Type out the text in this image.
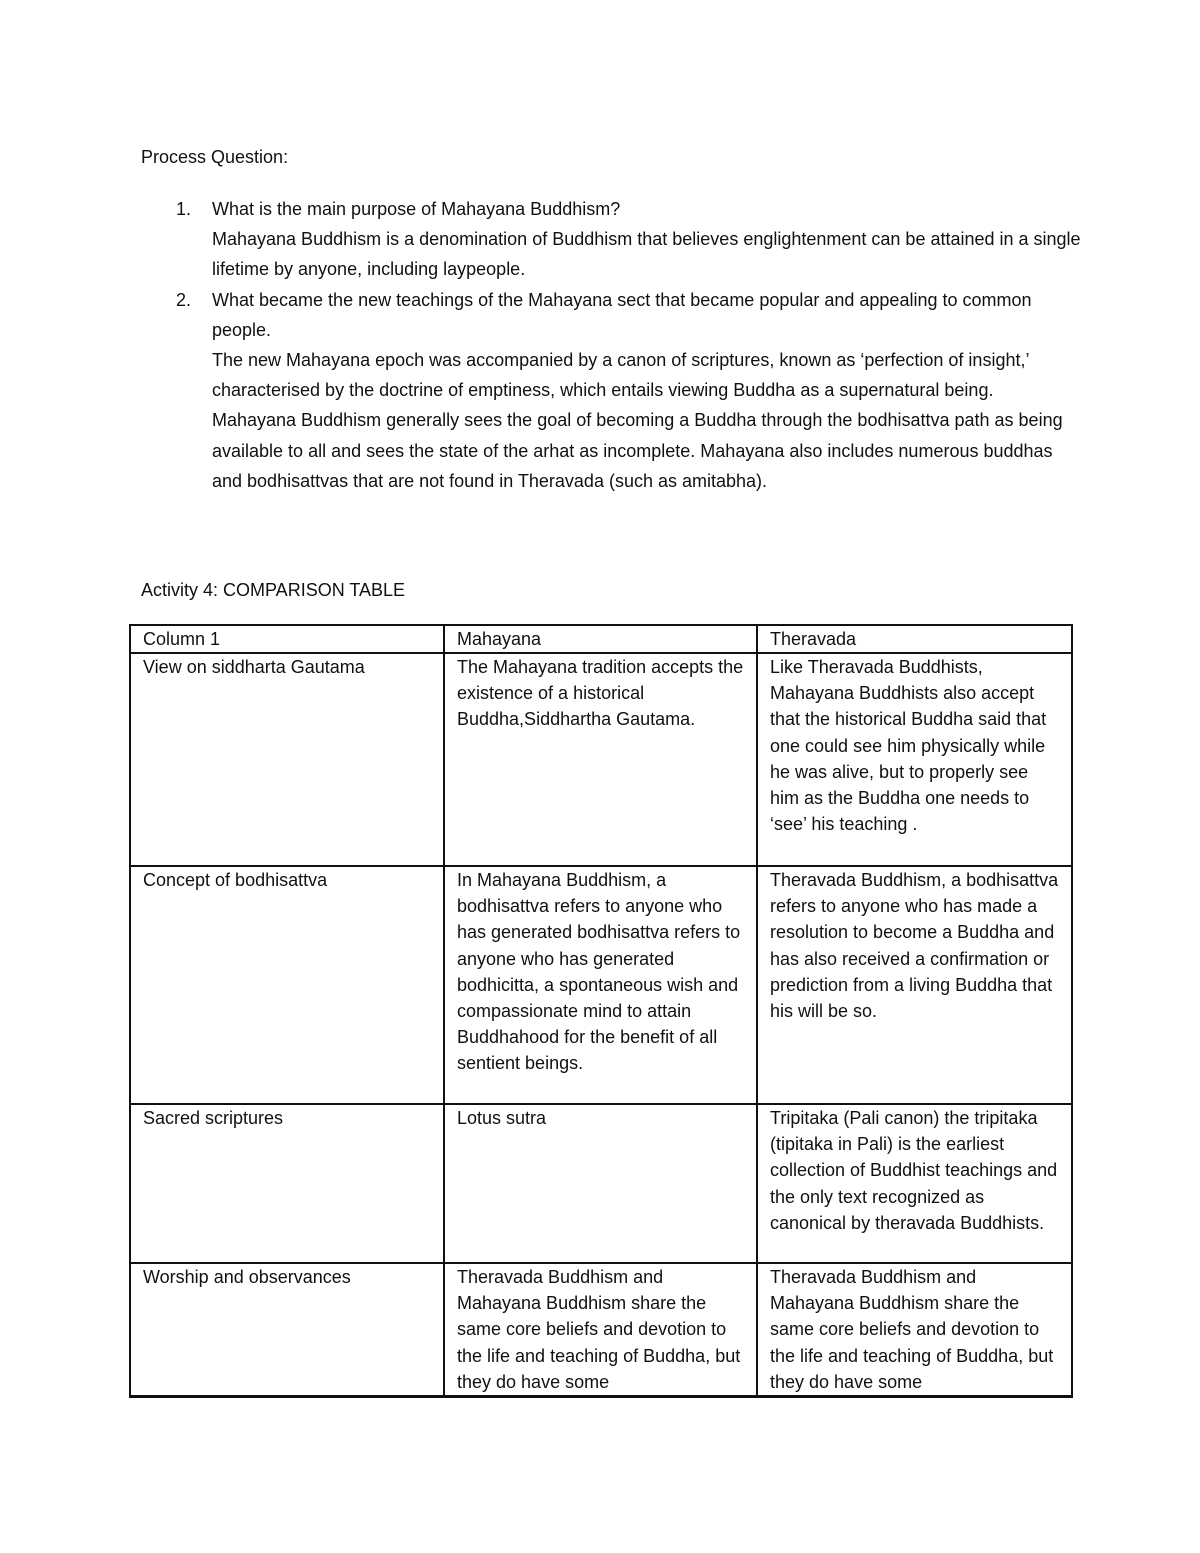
Process Question:
1. What is the main purpose of Mahayana Buddhism?

Mahayana Buddhism is a denomination of Buddhism that believes englightenment can be attained in a single lifetime by anyone, including laypeople.

2. What became the new teachings of the Mahayana sect that became popular and appealing to common people.

The new Mahayana epoch was accompanied by a canon of scriptures, known as ‘perfection of insight,’ characterised by the doctrine of emptiness, which entails viewing Buddha as a supernatural being.

Mahayana Buddhism generally sees the goal of becoming a Buddha through the bodhisattva path as being available to all and sees the state of the arhat as incomplete. Mahayana also includes numerous buddhas and bodhisattvas that are not found in Theravada (such as amitabha).

Activity 4: COMPARISON TABLE
Column 1	Mahayana	Theravada
View on siddharta Gautama	The Mahayana tradition accepts the existence of a historical Buddha,Siddhartha Gautama.	Like Theravada Buddhists, Mahayana Buddhists also accept that the historical Buddha said that one could see him physically while he was alive, but to properly see him as the Buddha one needs to ‘see’ his teaching .
Concept of bodhisattva	In Mahayana Buddhism, a bodhisattva refers to anyone who has generated bodhisattva refers to anyone who has generated bodhicitta, a spontaneous wish and compassionate mind to attain Buddhahood for the benefit of all sentient beings.	Theravada Buddhism, a bodhisattva refers to anyone who has made a resolution to become a Buddha and has also received a confirmation or prediction from a living Buddha that his will be so.
Sacred scriptures	Lotus sutra	Tripitaka (Pali canon) the tripitaka (tipitaka in Pali) is the earliest collection of Buddhist teachings and the only text recognized as canonical by theravada Buddhists.
Worship and observances	Theravada Buddhism and Mahayana Buddhism share the same core beliefs and devotion to the life and teaching of Buddha, but they do have some	Theravada Buddhism and Mahayana Buddhism share the same core beliefs and devotion to the life and teaching of Buddha, but they do have some
